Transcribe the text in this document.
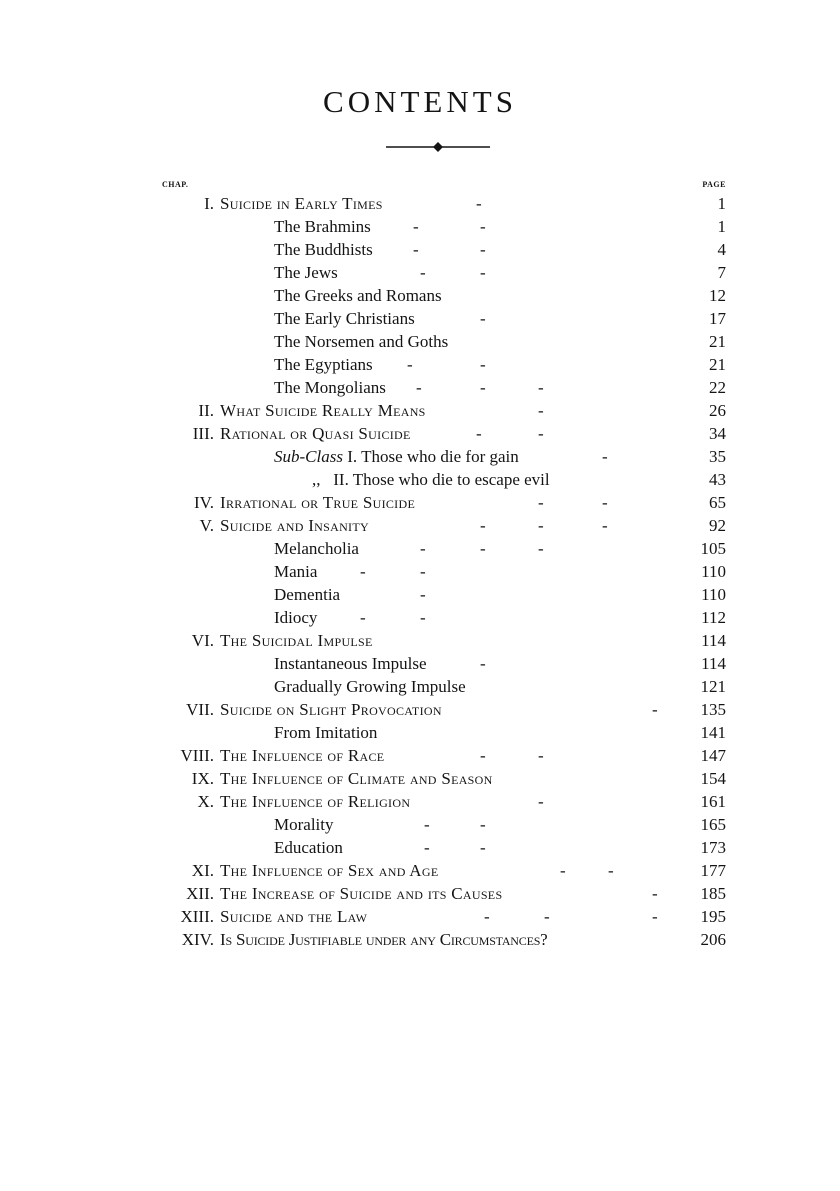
CONTENTS
CHAP.	PAGE
I. Suicide in Early Times	-	1
The Brahmins -	-	1
The Buddhists -	-	4
The Jews	-	-	7
The Greeks and Romans	12
The Early Christians	-	17
The Norsemen and Goths	21
The Egyptians -	-	21
The Mongolians -	-	-	22
II. What Suicide Really Means	-	26
III. Rational or Quasi Suicide	-	-	34
Sub-Class I. Those who die for gain	-	35
,, II. Those who die to escape evil	43
IV. Irrational or True Suicide	-	-	65
V. Suicide and Insanity	-	-	-	92
Melancholia	-	-	-	105
Mania	-	-	110
Dementia	-	110
Idiocy	-	-	112
VI. The Suicidal Impulse	114
Instantaneous Impulse	-	114
Gradually Growing Impulse	121
VII. Suicide on Slight Provocation	-	135
From Imitation	141
VIII. The Influence of Race	-	-	147
IX. The Influence of Climate and Season	154
X. The Influence of Religion	-	161
Morality	-	-	165
Education	-	-	173
XI. The Influence of Sex and Age	- -	177
XII. The Increase of Suicide and its Causes	-	185
XIII. Suicide and the Law	-	-	-	195
XIV. Is Suicide Justifiable under any Circumstances?	206
